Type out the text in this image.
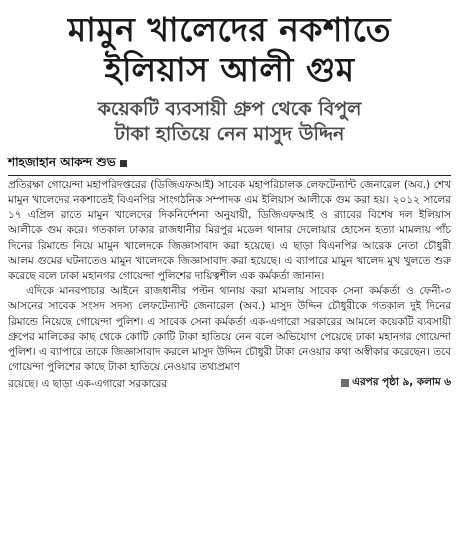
মামুন খালেদের নকশাতে
ইলিয়াস আলী গুম
কয়েকটি ব্যবসায়ী গ্রুপ থেকে বিপুল
টাকা হাতিয়ে নেন মাসুদ উদ্দিন
শাহজাহান আকন্দ শুভ

প্রতিরক্ষা গোয়েন্দা মহাপরিদপ্তরের (ডিজিএফআই) সাবেক মহাপরিচালক লেফটেন্যান্ট জেনারেল (অব.) শেখ মামুন খালেদের নকশাতেই বিএনপির সাংগঠনিক সম্পাদক এম ইলিয়াস আলীকে গুম করা হয়। ২০১২ সালের ১৭ এপ্রিল রাতে মামুন খালেদের দিকনির্দেশনা অনুযায়ী, ডিজিএফআই ও র‍্যাবের বিশেষ দল ইলিয়াস আলীকে গুম করে। গতকাল ঢাকার রাজধানীর মিরপুর মডেল থানার দেলোয়ার হোসেন হত্যা মামলায় পাঁচ দিনের রিমান্ডে নিয়ে মামুন খালেদকে জিজ্ঞাসাবাদ করা হয়েছে। এ ছাড়া বিএনপির আরেক নেতা চৌধুরী আলম গুমের ঘটনাতেও মামুন খালেদকে জিজ্ঞাসাবাদ করা হয়েছে। এ ব্যাপারে মামুন খালেদ মুখ খুলতে শুরু করেছে বলে ঢাকা মহানগর গোয়েন্দা পুলিশের দায়িত্বশীল এক কর্মকর্তা জানান।

এদিকে মানবপাচার আইনে রাজধানীর পল্টন থানায় করা মামলায় সাবেক সেনা কর্মকর্তা ও ফেনী-৩ আসনের সাবেক সংসদ সদস্য লেফটেন্যান্ট জেনারেল (অব.) মাসুদ উদ্দিন চৌধুরীকে গতকাল দুই দিনের রিমান্ডে নিয়েছে গোয়েন্দা পুলিশ। এ সাবেক সেনা কর্মকর্তা এক-এগারো সরকারের আমলে কয়েকটি ব্যবসায়ী গ্রুপের মালিকের কাছ থেকে কোটি কোটি টাকা হাতিয়ে নেন বলে অভিযোগ পেয়েছে ঢাকা মহানগর গোয়েন্দা পুলিশ। এ ব্যাপারে তাকে জিজ্ঞাসাবাদ করলে মাসুদ উদ্দিন চৌধুরী টাকা নেওয়ার কথা অস্বীকার করেছেন। তবে গোয়েন্দা পুলিশের কাছে টাকা হাতিয়ে নেওয়ার তথ্যপ্রমাণ

রয়েছে। এ ছাড়া এক-এগারো সরকারের	এরপর পৃষ্ঠা ৯, কলাম ৬
